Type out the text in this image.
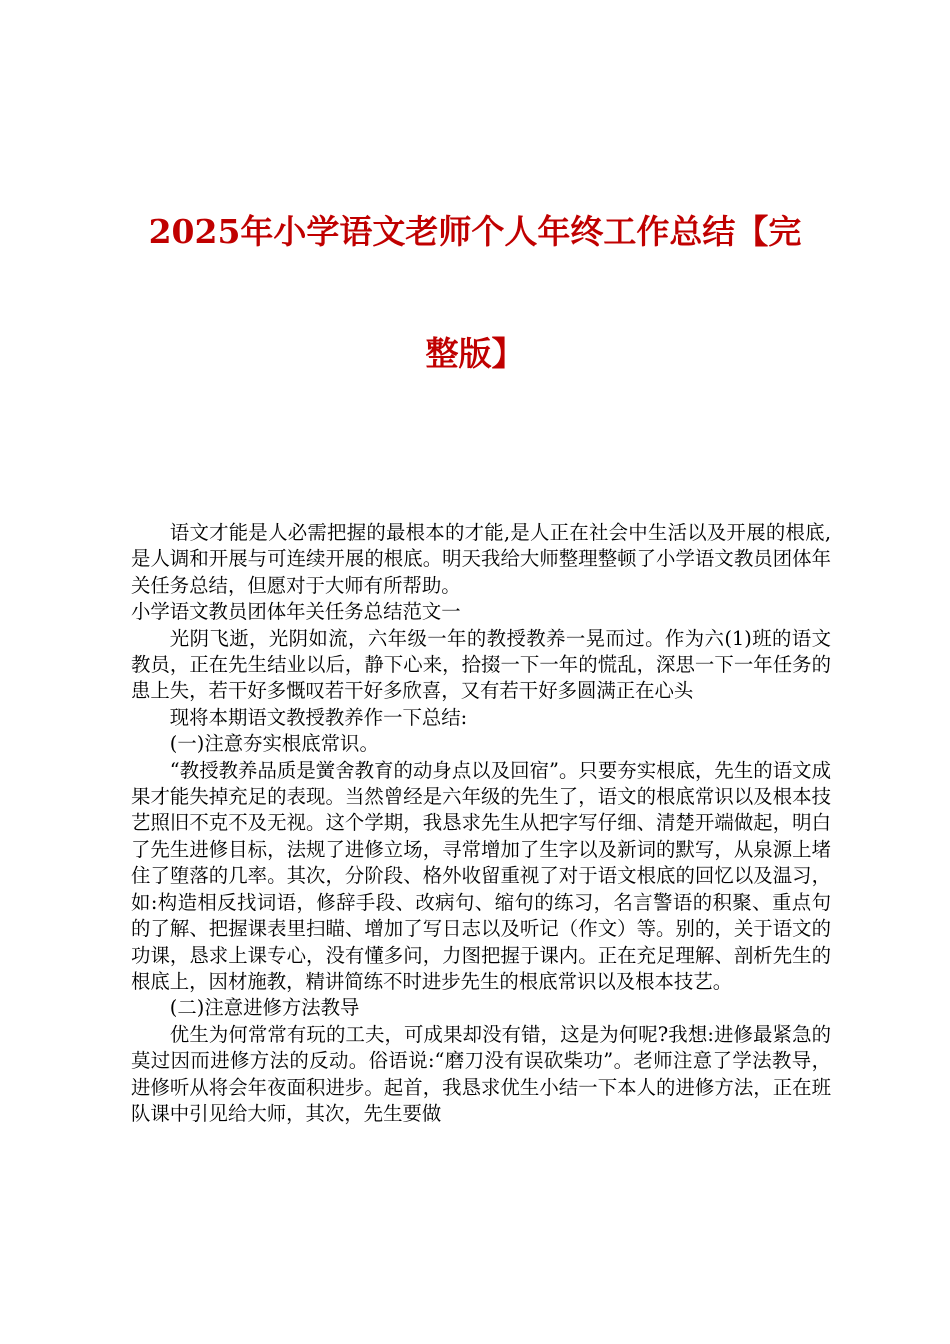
2025年小学语文老师个人年终工作总结【完
整版】

语文才能是人必需把握的最根本的才能,是人正在社会中生活以及开展的根底,是人调和开展与可连续开展的根底。明天我给大师整理整顿了小学语文教员团体年关任务总结，但愿对于大师有所帮助。

小学语文教员团体年关任务总结范文一

光阴飞逝，光阴如流，六年级一年的教授教养一晃而过。作为六(1)班的语文教员，正在先生结业以后，静下心来，拾掇一下一年的慌乱，深思一下一年任务的患上失，若干好多慨叹若干好多欣喜，又有若干好多圆满正在心头

现将本期语文教授教养作一下总结:

(一)注意夯实根底常识。

“教授教养品质是黉舍教育的动身点以及回宿”。只要夯实根底，先生的语文成果才能失掉充足的表现。当然曾经是六年级的先生了，语文的根底常识以及根本技艺照旧不克不及无视。这个学期，我恳求先生从把字写仔细、清楚开端做起，明白了先生进修目标，法规了进修立场，寻常增加了生字以及新词的默写，从泉源上堵住了堕落的几率。其次，分阶段、格外收留重视了对于语文根底的回忆以及温习，如:构造相反找词语，修辞手段、改病句、缩句的练习，名言警语的积聚、重点句的了解、把握课表里扫瞄、增加了写日志以及听记（作文）等。别的，关于语文的功课，恳求上课专心，没有懂多问，力图把握于课内。正在充足理解、剖析先生的根底上，因材施教，精讲简练不时进步先生的根底常识以及根本技艺。

(二)注意进修方法教导

优生为何常常有玩的工夫，可成果却没有错，这是为何呢?我想:进修最紧急的莫过因而进修方法的反动。俗语说:“磨刀没有误砍柴功”。老师注意了学法教导，进修听从将会年夜面积进步。起首，我恳求优生小结一下本人的进修方法，正在班队课中引见给大师，其次，先生要做
